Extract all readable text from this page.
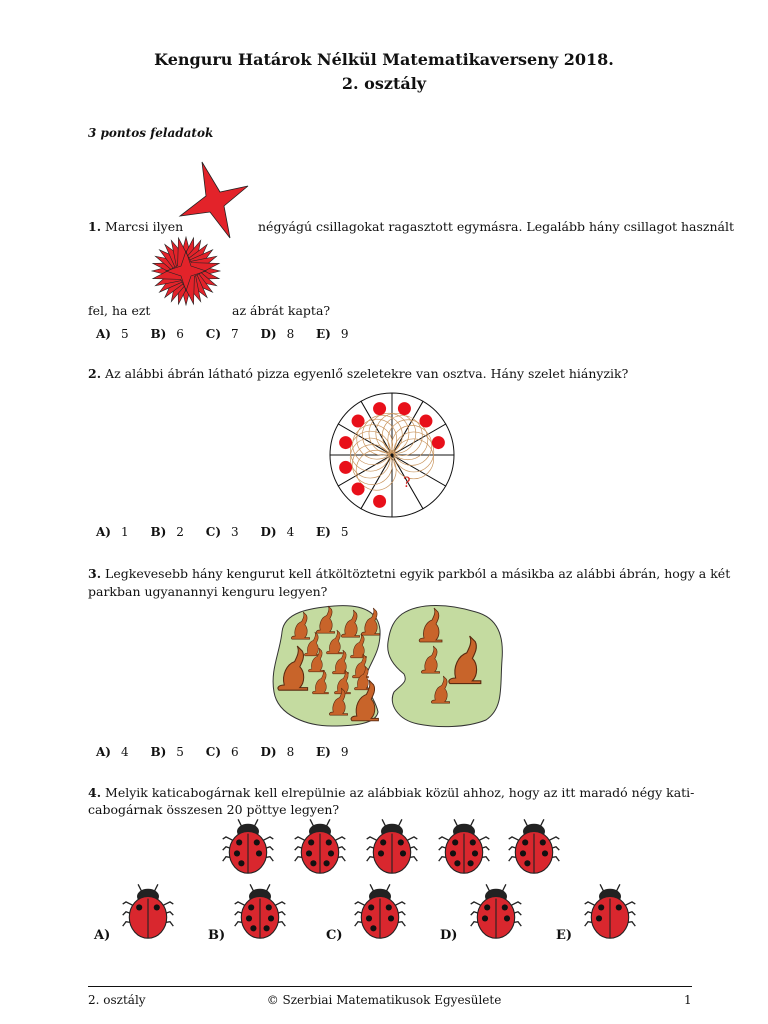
Kenguru Határok Nélkül Matematikaverseny 2018.
2. osztály
3 pontos feladatok
1. Marcsi ilyen	négyágú csillagokat ragasztott egymásra. Legalább hány csillagot használt
fel, ha ezt	az ábrát kapta?
A) 5 B) 6 C) 7 D) 8 E) 9
2. Az alábbi ábrán látható pizza egyenlő szeletekre van osztva. Hány szelet hiányzik?
?
A) 1 B) 2 C) 3 D) 4 E) 5
3. Legkevesebb hány kengurut kell átköltöztetni egyik parkból a másikba az alábbi ábrán, hogy a két
parkban ugyanannyi kenguru legyen?
A) 4 B) 5 C) 6 D) 8 E) 9
4. Melyik katicabogárnak kell elrepülnie az alábbiak közül ahhoz, hogy az itt maradó négy kati-
cabogárnak összesen 20 pöttye legyen?
A)	B)	C)	D)	E)
2. osztály	© Szerbiai Matematikusok Egyesülete	1
